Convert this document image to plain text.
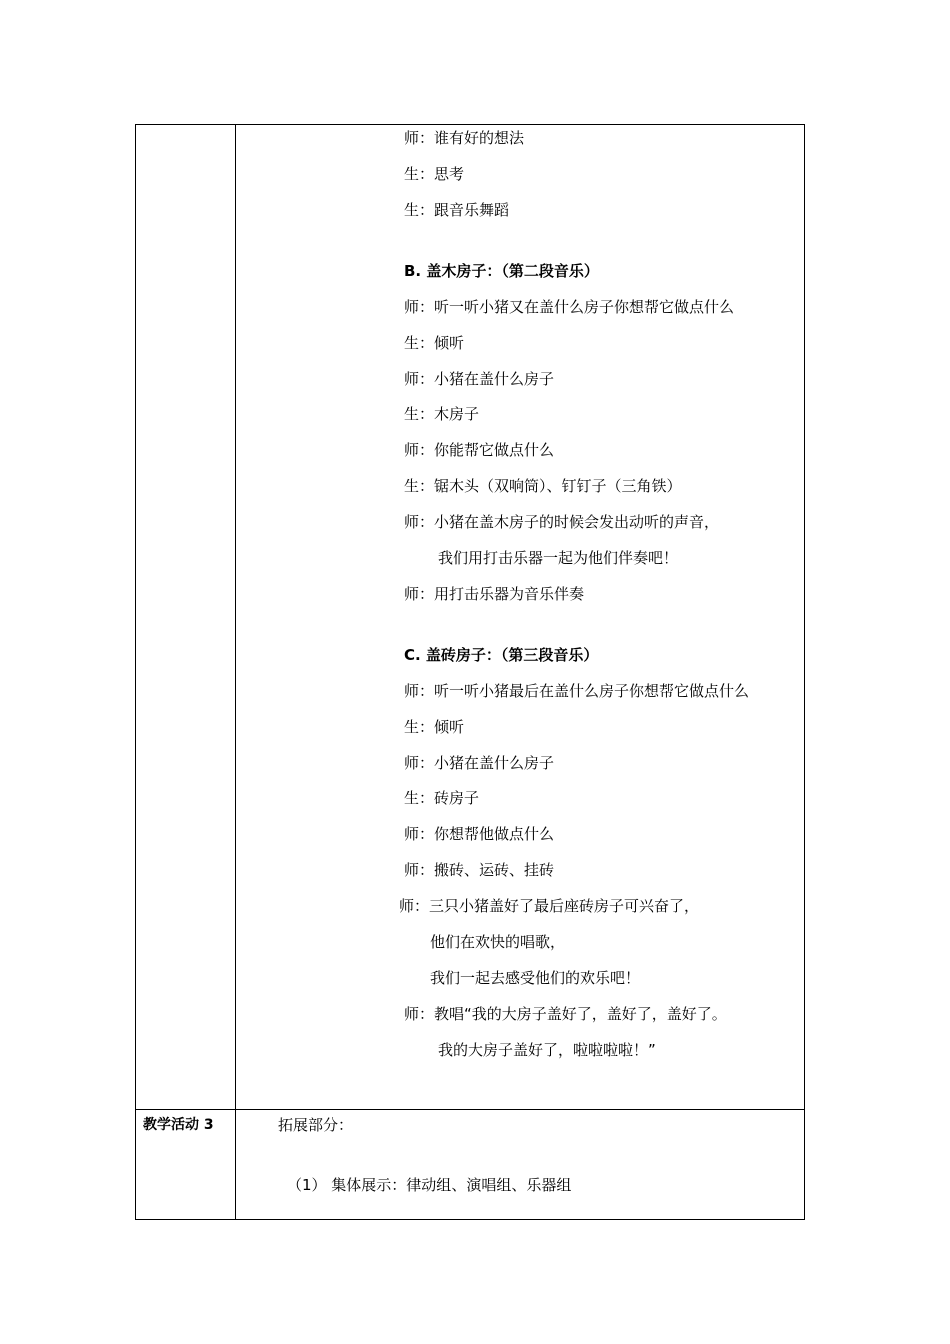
师：谁有好的想法
生：思考
生：跟音乐舞蹈
B. 盖木房子：（第二段音乐）
师：听一听小猪又在盖什么房子你想帮它做点什么
生：倾听
师：小猪在盖什么房子
生：木房子
师：你能帮它做点什么
生：锯木头（双响筒）、钉钉子（三角铁）
师：小猪在盖木房子的时候会发出动听的声音，
我们用打击乐器一起为他们伴奏吧！
师：用打击乐器为音乐伴奏
C. 盖砖房子：（第三段音乐）
师：听一听小猪最后在盖什么房子你想帮它做点什么
生：倾听
师：小猪在盖什么房子
生：砖房子
师：你想帮他做点什么
师：搬砖、运砖、挂砖
师：三只小猪盖好了最后座砖房子可兴奋了，
他们在欢快的唱歌，
我们一起去感受他们的欢乐吧！
师：教唱“我的大房子盖好了，盖好了，盖好了。
我的大房子盖好了，啦啦啦啦！”
教学活动 3	拓展部分：
（1） 集体展示：律动组、演唱组、乐器组
